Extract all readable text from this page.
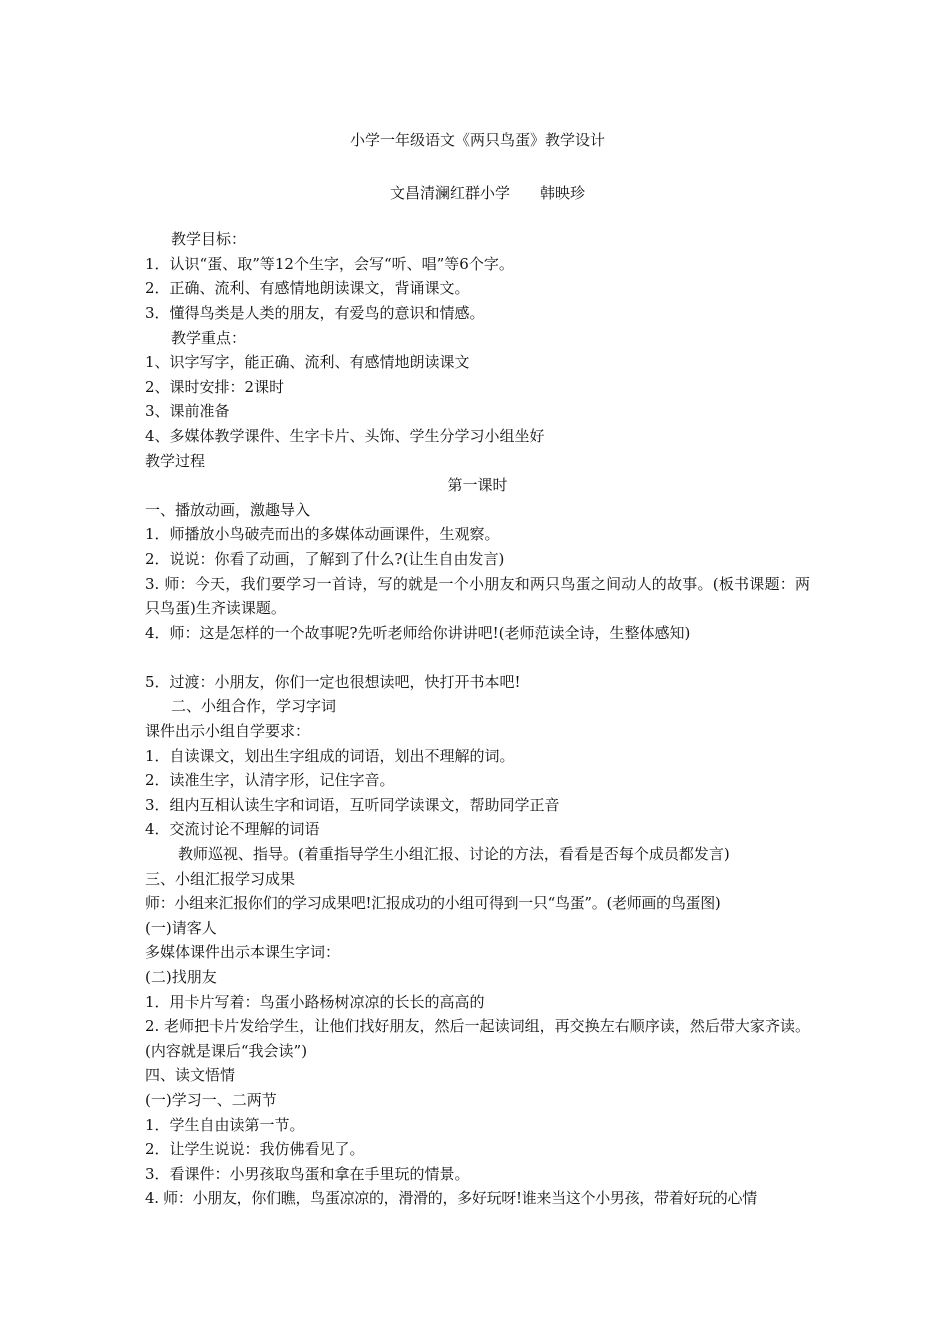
小学一年级语文《两只鸟蛋》教学设计
文昌清澜红群小学　　韩映珍
教学目标：
1．认识“蛋、取”等12个生字，会写“听、唱”等6个字。
2．正确、流利、有感情地朗读课文，背诵课文。
3．懂得鸟类是人类的朋友，有爱鸟的意识和情感。
教学重点：
1、识字写字，能正确、流利、有感情地朗读课文
2、课时安排：2课时
3、课前准备
4、多媒体教学课件、生字卡片、头饰、学生分学习小组坐好
教学过程
第一课时
一、播放动画，激趣导入
1．师播放小鸟破壳而出的多媒体动画课件，生观察。
2．说说：你看了动画，了解到了什么?(让生自由发言)
3. 师：今天，我们要学习一首诗，写的就是一个小朋友和两只鸟蛋之间动人的故事。(板书课题：两只鸟蛋)生齐读课题。
4．师：这是怎样的一个故事呢?先听老师给你讲讲吧!(老师范读全诗，生整体感知)
5．过渡：小朋友，你们一定也很想读吧，快打开书本吧!
二、小组合作，学习字词
课件出示小组自学要求：
1．自读课文，划出生字组成的词语，划出不理解的词。
2．读准生字，认清字形，记住字音。
3．组内互相认读生字和词语，互听同学读课文，帮助同学正音
4．交流讨论不理解的词语
教师巡视、指导。(着重指导学生小组汇报、讨论的方法，看看是否每个成员都发言)
三、小组汇报学习成果
师：小组来汇报你们的学习成果吧!汇报成功的小组可得到一只“鸟蛋”。(老师画的鸟蛋图)
(一)请客人
多媒体课件出示本课生字词：
(二)找朋友
1．用卡片写着：鸟蛋小路杨树凉凉的长长的高高的
2. 老师把卡片发给学生，让他们找好朋友，然后一起读词组，再交换左右顺序读，然后带大家齐读。(内容就是课后“我会读”)
四、读文悟情
(一)学习一、二两节
1．学生自由读第一节。
2．让学生说说：我仿佛看见了。
3．看课件：小男孩取鸟蛋和拿在手里玩的情景。
4. 师：小朋友，你们瞧，鸟蛋凉凉的，滑滑的，多好玩呀!谁来当这个小男孩，带着好玩的心情
